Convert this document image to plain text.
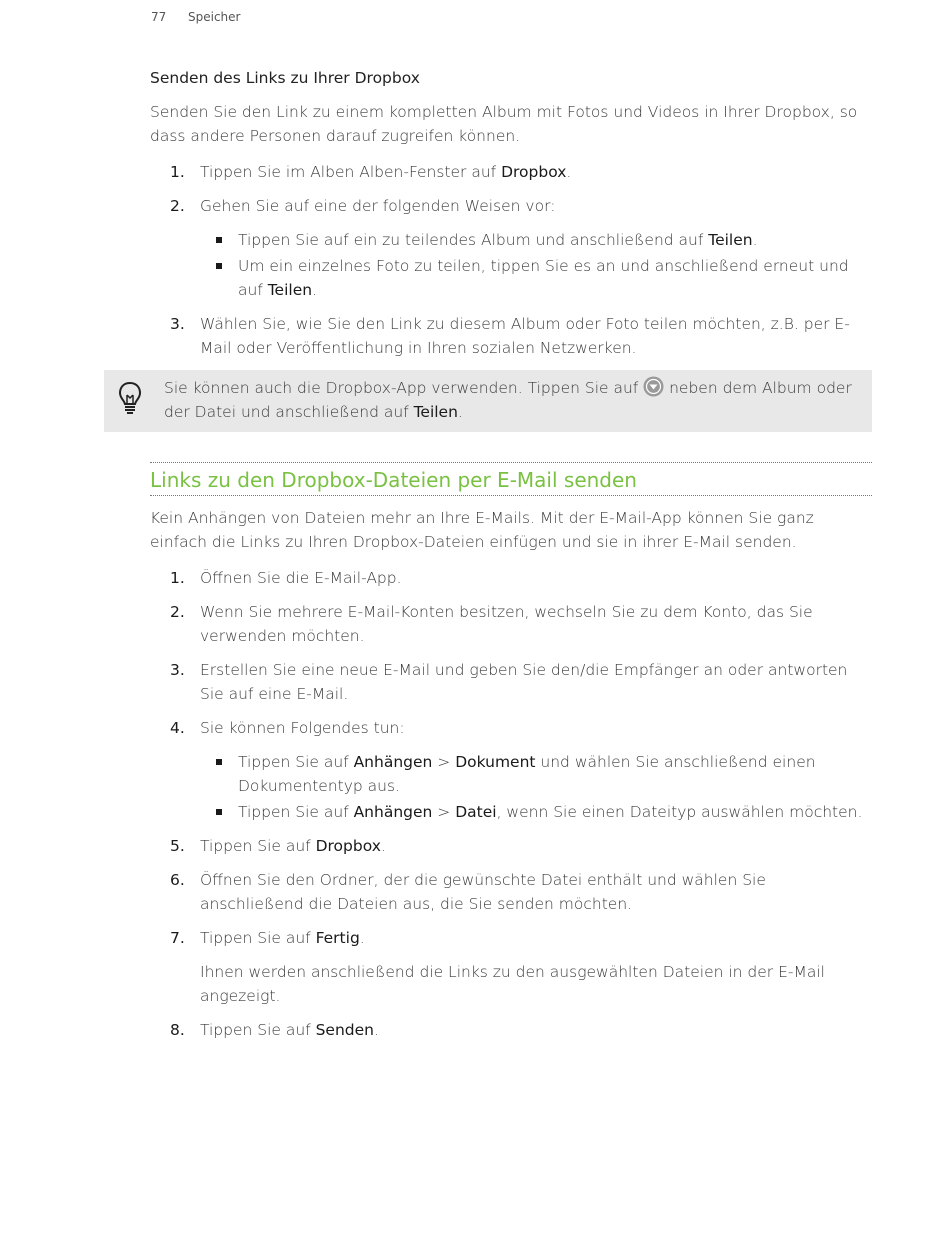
77 Speicher
Senden des Links zu Ihrer Dropbox

Senden Sie den Link zu einem kompletten Album mit Fotos und Videos in Ihrer Dropbox, so dass andere Personen darauf zugreifen können.

1. Tippen Sie im Alben Alben-Fenster auf Dropbox.
2. Gehen Sie auf eine der folgenden Weisen vor:
Tippen Sie auf ein zu teilendes Album und anschließend auf Teilen.
Um ein einzelnes Foto zu teilen, tippen Sie es an und anschließend erneut und auf Teilen.
3. Wählen Sie, wie Sie den Link zu diesem Album oder Foto teilen möchten, z.B. per E-Mail oder Veröffentlichung in Ihren sozialen Netzwerken.

Sie können auch die Dropbox-App verwenden. Tippen Sie auf  neben dem Album oder der Datei und anschließend auf Teilen.

Links zu den Dropbox-Dateien per E-Mail senden

Kein Anhängen von Dateien mehr an Ihre E-Mails. Mit der E-Mail-App können Sie ganz einfach die Links zu Ihren Dropbox-Dateien einfügen und sie in ihrer E-Mail senden.

1. Öffnen Sie die E-Mail-App.
2. Wenn Sie mehrere E-Mail-Konten besitzen, wechseln Sie zu dem Konto, das Sie verwenden möchten.
3. Erstellen Sie eine neue E-Mail und geben Sie den/die Empfänger an oder antworten Sie auf eine E-Mail.
4. Sie können Folgendes tun:
Tippen Sie auf Anhängen > Dokument und wählen Sie anschließend einen Dokumententyp aus.
Tippen Sie auf Anhängen > Datei, wenn Sie einen Dateityp auswählen möchten.
5. Tippen Sie auf Dropbox.
6. Öffnen Sie den Ordner, der die gewünschte Datei enthält und wählen Sie anschließend die Dateien aus, die Sie senden möchten.
7. Tippen Sie auf Fertig.

Ihnen werden anschließend die Links zu den ausgewählten Dateien in der E-Mail angezeigt.

8. Tippen Sie auf Senden.
